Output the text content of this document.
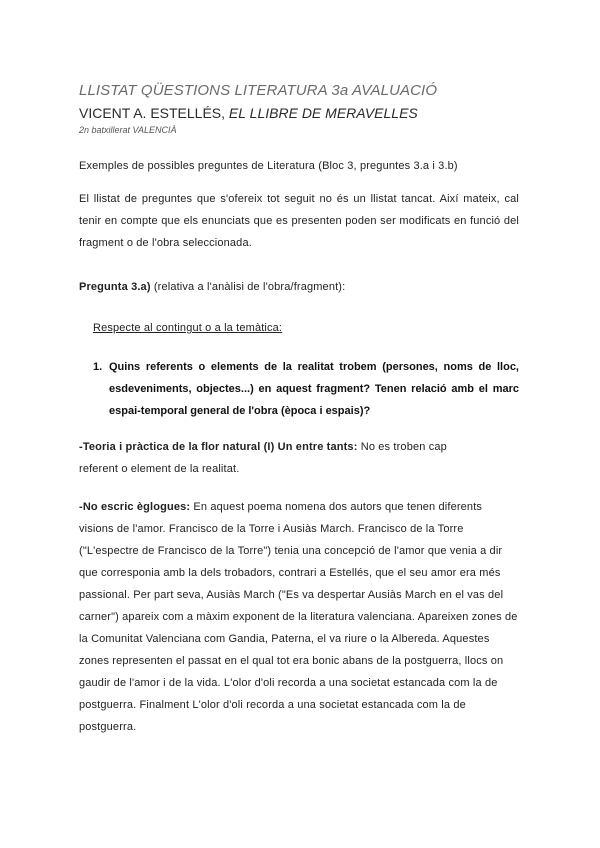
LLISTAT QÜESTIONS LITERATURA 3a AVALUACIÓ
VICENT A. ESTELLÉS, EL LLIBRE DE MERAVELLES
2n batxillerat VALENCIÀ
Exemples de possibles preguntes de Literatura (Bloc 3, preguntes 3.a i 3.b)
El llistat de preguntes que s'ofereix tot seguit no és un llistat tancat. Així mateix, cal tenir en compte que els enunciats que es presenten poden ser modificats en funció del fragment o de l'obra seleccionada.
Pregunta 3.a) (relativa a l'anàlisi de l'obra/fragment):
Respecte al contingut o a la temàtica:
1. Quins referents o elements de la realitat trobem (persones, noms de lloc, esdeveniments, objectes...) en aquest fragment? Tenen relació amb el marc espai-temporal general de l'obra (època i espais)?
-Teoria i pràctica de la flor natural (I) Un entre tants: No es troben cap referent o element de la realitat.
-No escric èglogues: En aquest poema nomena dos autors que tenen diferents visions de l'amor. Francisco de la Torre i Ausiàs March. Francisco de la Torre ("L'espectre de Francisco de la Torre") tenia una concepció de l'amor que venia a dir que corresponia amb la dels trobadors, contrari a Estellés, que el seu amor era més passional. Per part seva, Ausiàs March ("Es va despertar Ausiàs March en el vas del carner") apareix com a màxim exponent de la literatura valenciana. Apareixen zones de la Comunitat Valenciana com Gandia, Paterna, el va riure o la Albereda. Aquestes zones representen el passat en el qual tot era bonic abans de la postguerra, llocs on gaudir de l'amor i de la vida. L'olor d'oli recorda a una societat estancada com la de postguerra. Finalment L'olor d'oli recorda a una societat estancada com la de postguerra.
